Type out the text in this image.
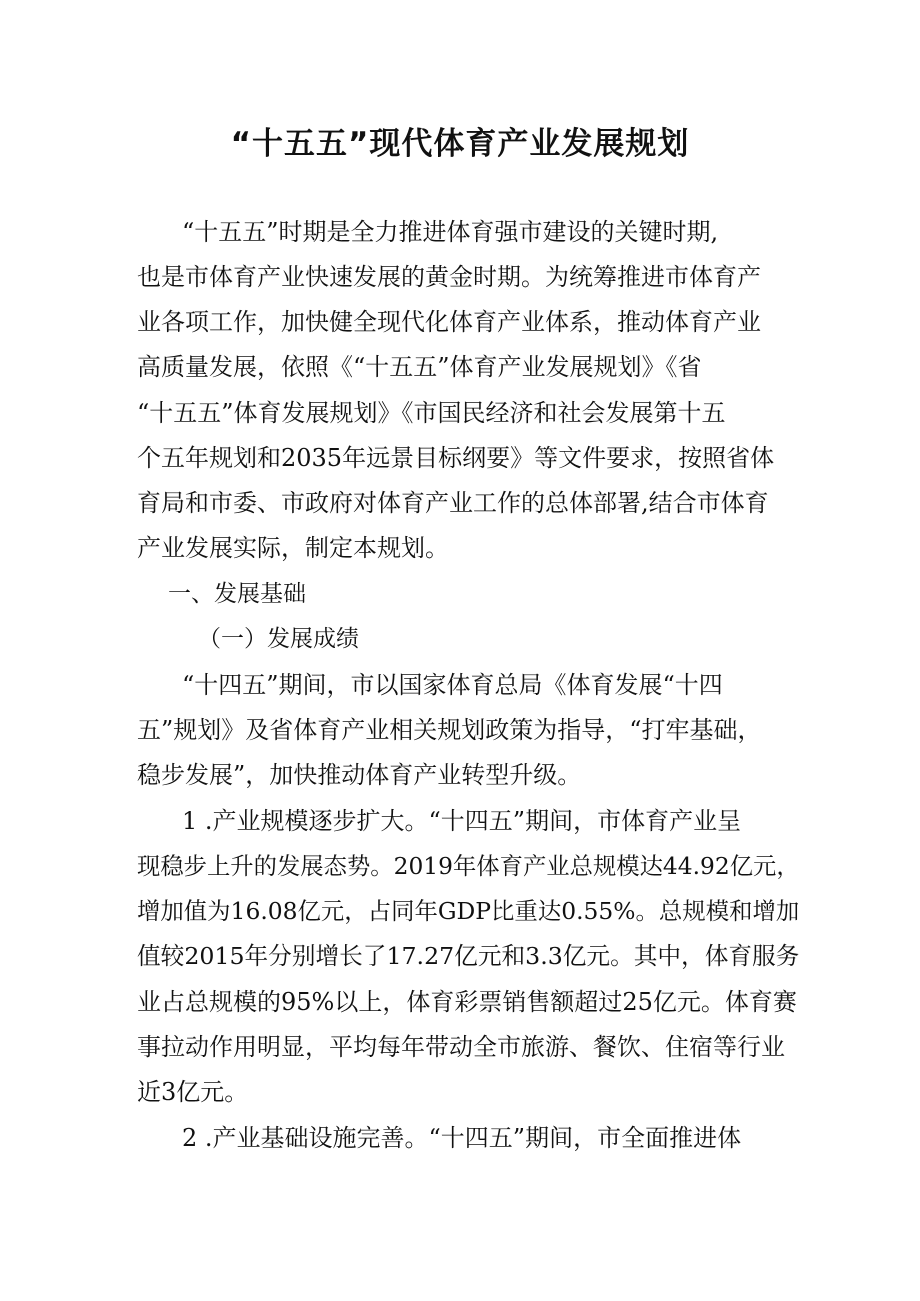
“十五五”现代体育产业发展规划

“十五五”时期是全力推进体育强市建设的关键时期,

也是市体育产业快速发展的黄金时期。为统筹推进市体育产

业各项工作，加快健全现代化体育产业体系，推动体育产业

高质量发展，依照《“十五五”体育产业发展规划》《省

“十五五”体育发展规划》《市国民经济和社会发展第十五

个五年规划和2035年远景目标纲要》等文件要求，按照省体

育局和市委、市政府对体育产业工作的总体部署,结合市体育

产业发展实际，制定本规划。

一、发展基础

（一）发展成绩

“十四五”期间，市以国家体育总局《体育发展“十四

五”规划》及省体育产业相关规划政策为指导，“打牢基础，

稳步发展”，加快推动体育产业转型升级。

1 .产业规模逐步扩大。“十四五”期间，市体育产业呈

现稳步上升的发展态势。2019年体育产业总规模达44.92亿元，

增加值为16.08亿元，占同年GDP比重达0.55%。总规模和增加

值较2015年分别增长了17.27亿元和3.3亿元。其中，体育服务

业占总规模的95%以上，体育彩票销售额超过25亿元。体育赛

事拉动作用明显，平均每年带动全市旅游、餐饮、住宿等行业

近3亿元。

2 .产业基础设施完善。“十四五”期间，市全面推进体
